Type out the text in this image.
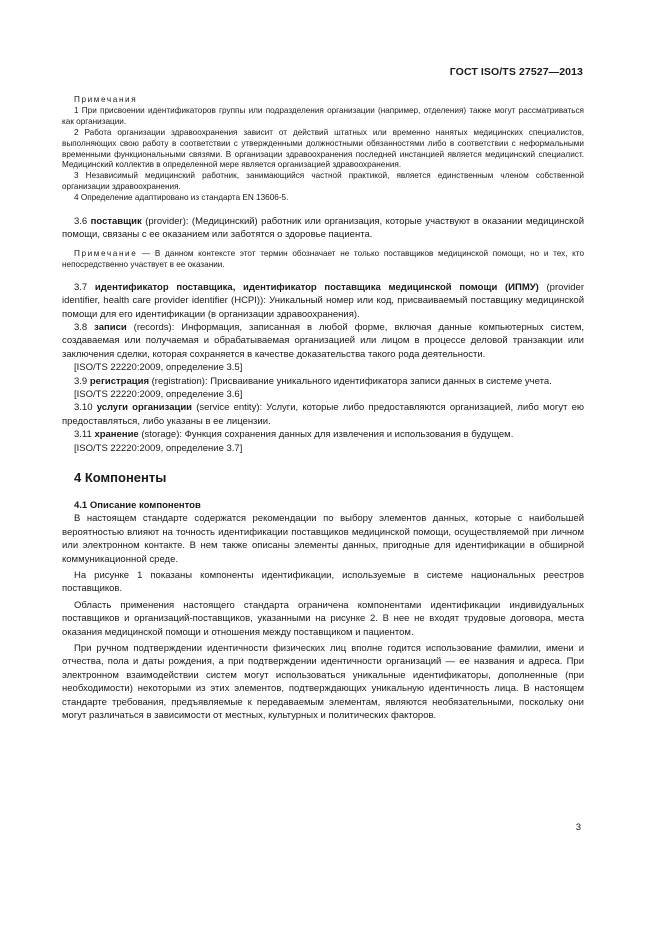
ГОСТ ISO/TS 27527—2013

Примечания

1 При присвоении идентификаторов группы или подразделения организации (например, отделения) также могут рассматриваться как организации.

2 Работа организации здравоохранения зависит от действий штатных или временно нанятых медицинских специалистов, выполняющих свою работу в соответствии с утвержденными должностными обязанностями либо в соответствии с неформальными временными функциональными связями. В организации здравоохранения последней инстанцией является медицинский специалист. Медицинский коллектив в определенной мере является организацией здравоохранения.

3 Независимый медицинский работник, занимающийся частной практикой, является единственным членом собственной организации здравоохранения.

4 Определение адаптировано из стандарта EN 13606-5.

3.6 поставщик (provider): (Медицинский) работник или организация, которые участвуют в оказании медицинской помощи, связаны с ее оказанием или заботятся о здоровье пациента.

Примечание — В данном контексте этот термин обозначает не только поставщиков медицинской помощи, но и тех, кто непосредственно участвует в ее оказании.

3.7 идентификатор поставщика, идентификатор поставщика медицинской помощи (ИПМУ) (provider identifier, health care provider identifier (HCPI)): Уникальный номер или код, присваиваемый поставщику медицинской помощи для его идентификации (в организации здравоохранения).

3.8 записи (records): Информация, записанная в любой форме, включая данные компьютерных систем, создаваемая или получаемая и обрабатываемая организацией или лицом в процессе деловой транзакции или заключения сделки, которая сохраняется в качестве доказательства такого рода деятельности.

[ISO/TS 22220:2009, определение 3.5]

3.9 регистрация (registration): Присваивание уникального идентификатора записи данных в системе учета.

[ISO/TS 22220:2009, определение 3.6]

3.10 услуги организации (service entity): Услуги, которые либо предоставляются организацией, либо могут ею предоставляться, либо указаны в ее лицензии.

3.11 хранение (storage): Функция сохранения данных для извлечения и использования в будущем.

[ISO/TS 22220:2009, определение 3.7]

4 Компоненты

4.1 Описание компонентов

В настоящем стандарте содержатся рекомендации по выбору элементов данных, которые с наибольшей вероятностью влияют на точность идентификации поставщиков медицинской помощи, осуществляемой при личном или электронном контакте. В нем также описаны элементы данных, пригодные для идентификации в обширной коммуникационной среде.

На рисунке 1 показаны компоненты идентификации, используемые в системе национальных реестров поставщиков.

Область применения настоящего стандарта ограничена компонентами идентификации индивидуальных поставщиков и организаций-поставщиков, указанными на рисунке 2. В нее не входят трудовые договора, места оказания медицинской помощи и отношения между поставщиком и пациентом.

При ручном подтверждении идентичности физических лиц вполне годится использование фамилии, имени и отчества, пола и даты рождения, а при подтверждении идентичности организаций — ее названия и адреса. При электронном взаимодействии систем могут использоваться уникальные идентификаторы, дополненные (при необходимости) некоторыми из этих элементов, подтверждающих уникальную идентичность лица. В настоящем стандарте требования, предъявляемые к передаваемым элементам, являются необязательными, поскольку они могут различаться в зависимости от местных, культурных и политических факторов.

3
